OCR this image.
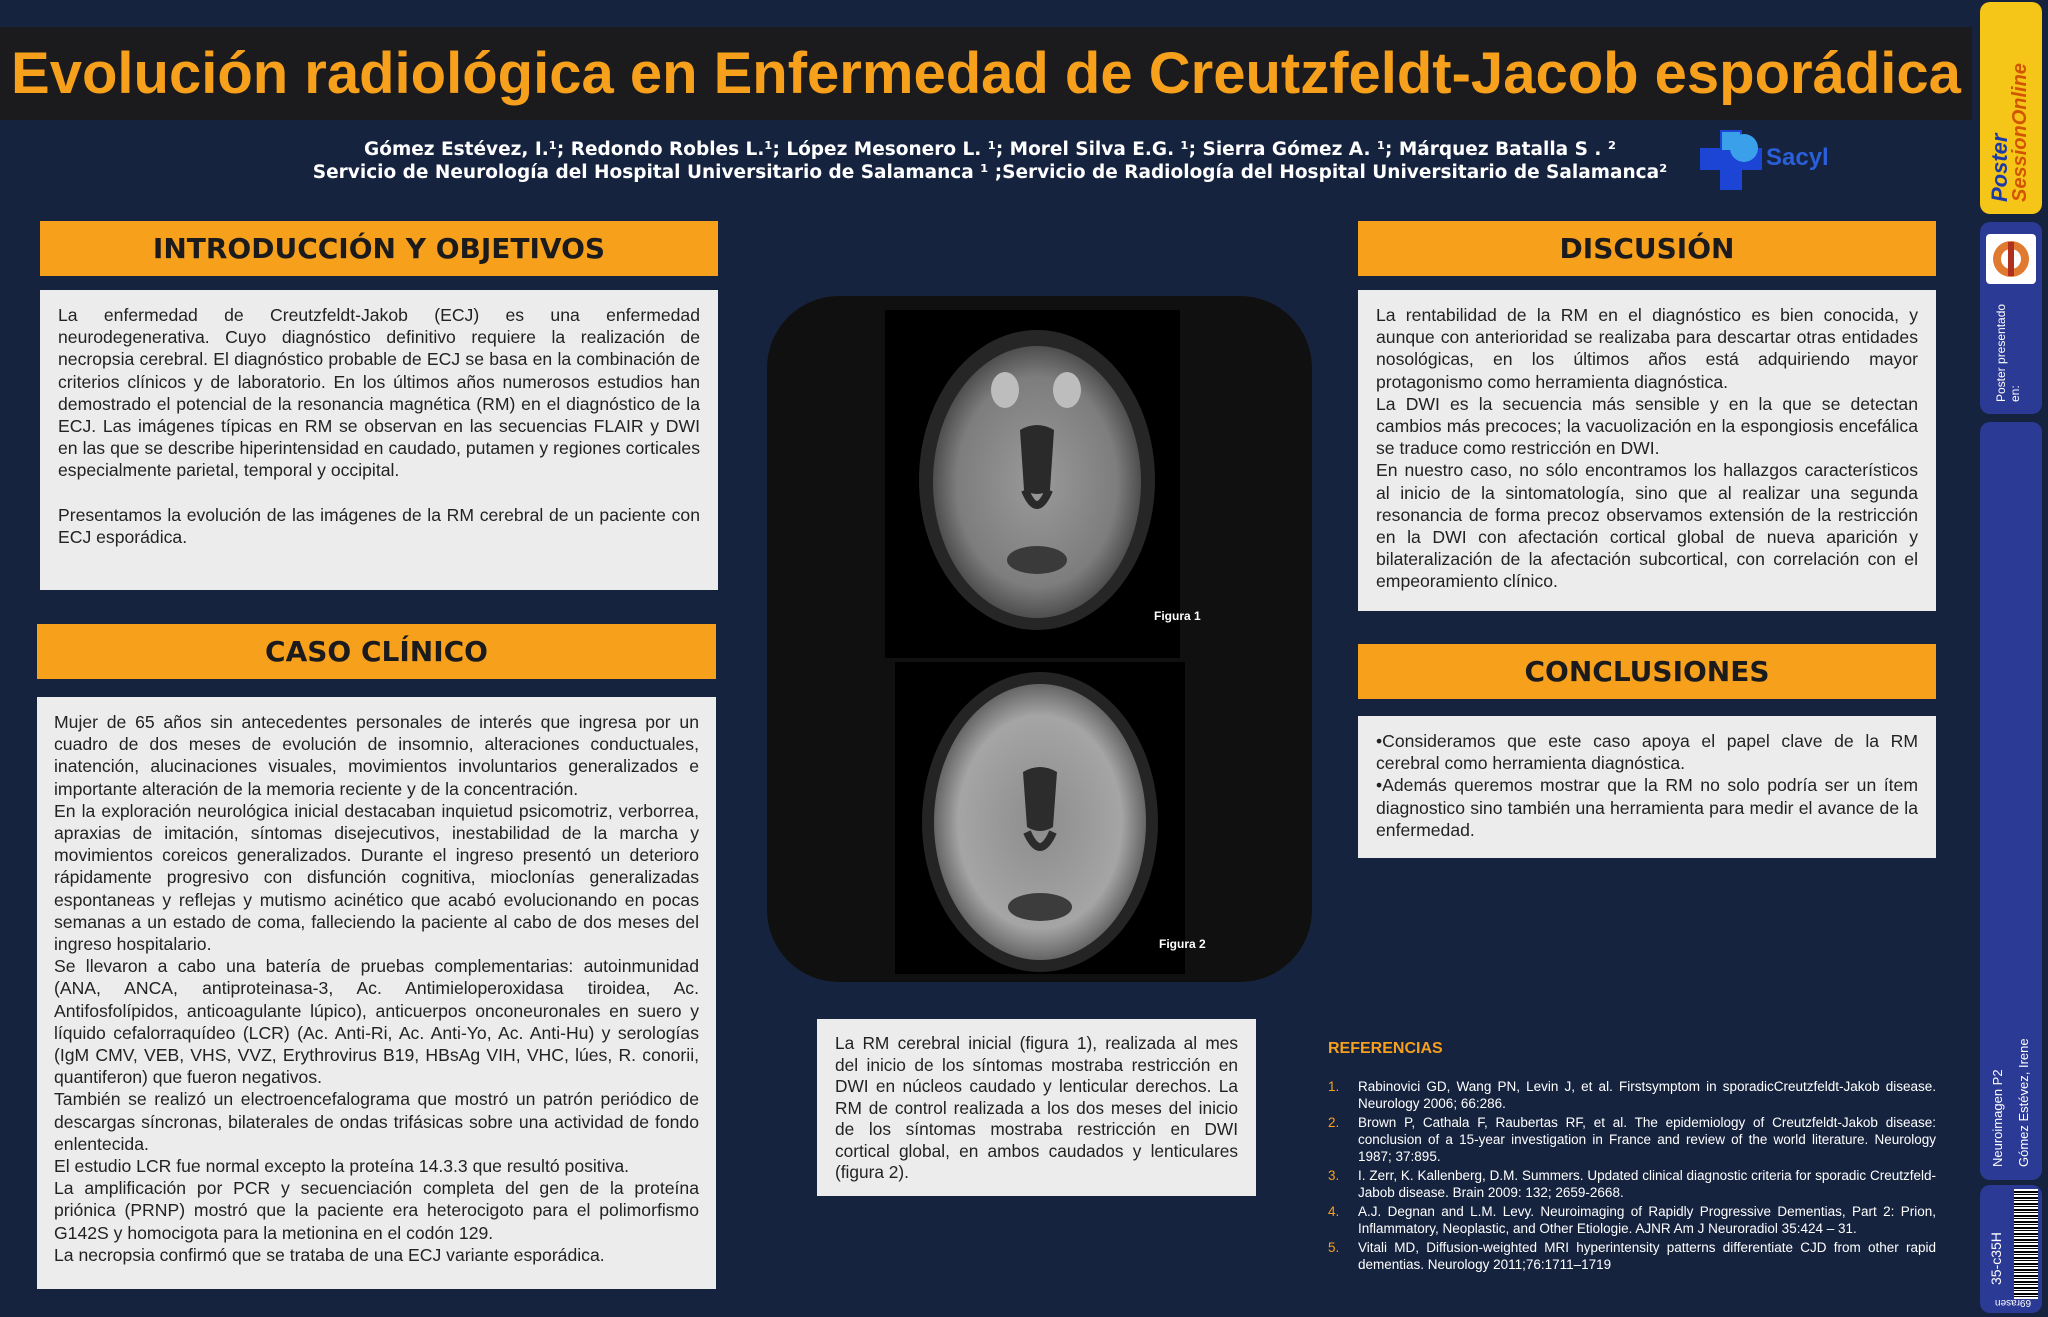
Evolución radiológica en Enfermedad de Creutzfeldt-Jacob esporádica
Gómez Estévez, I.¹; Redondo Robles L.¹; López Mesonero L. ¹; Morel Silva E.G. ¹; Sierra Gómez A. ¹; Márquez Batalla S . ²
Servicio de Neurología del Hospital Universitario de Salamanca ¹ ;Servicio de Radiología del Hospital Universitario de Salamanca²
Sacyl
INTRODUCCIÓN Y OBJETIVOS

La enfermedad de Creutzfeldt-Jakob (ECJ) es una enfermedad neurodegenerativa. Cuyo diagnóstico definitivo requiere la realización de necropsia cerebral. El diagnóstico probable de ECJ se basa en la combinación de criterios clínicos y de laboratorio. En los últimos años numerosos estudios han demostrado el potencial de la resonancia magnética (RM) en el diagnóstico de la ECJ. Las imágenes típicas en RM se observan en las secuencias FLAIR y DWI en las que se describe hiperintensidad en caudado, putamen y regiones corticales especialmente parietal, temporal y occipital.

Presentamos la evolución de las imágenes de la RM cerebral de un paciente con ECJ esporádica.

CASO CLÍNICO

Mujer de 65 años sin antecedentes personales de interés que ingresa por un cuadro de dos meses de evolución de insomnio, alteraciones conductuales, inatención, alucinaciones visuales, movimientos involuntarios generalizados e importante alteración de la memoria reciente y de la concentración.

En la exploración neurológica inicial destacaban inquietud psicomotriz, verborrea, apraxias de imitación, síntomas disejecutivos, inestabilidad de la marcha y movimientos coreicos generalizados. Durante el ingreso presentó un deterioro rápidamente progresivo con disfunción cognitiva, mioclonías generalizadas espontaneas y reflejas y mutismo acinético que acabó evolucionando en pocas semanas a un estado de coma, falleciendo la paciente al cabo de dos meses del ingreso hospitalario.

Se llevaron a cabo una batería de pruebas complementarias: autoinmunidad (ANA, ANCA, antiproteinasa-3, Ac. Antimieloperoxidasa tiroidea, Ac. Antifosfolípidos, anticoagulante lúpico), anticuerpos onconeuronales en suero y líquido cefalorraquídeo (LCR) (Ac. Anti-Ri, Ac. Anti-Yo, Ac. Anti-Hu) y serologías (IgM CMV, VEB, VHS, VVZ, Erythrovirus B19, HBsAg VIH, VHC, lúes, R. conorii, quantiferon) que fueron negativos.

También se realizó un electroencefalograma que mostró un patrón periódico de descargas síncronas, bilaterales de ondas trifásicas sobre una actividad de fondo enlentecida.

El estudio LCR fue normal excepto la proteína 14.3.3 que resultó positiva.

La amplificación por PCR y secuenciación completa del gen de la proteína priónica (PRNP) mostró que la paciente era heterocigoto para el polimorfismo G142S y homocigota para la metionina en el codón 129.

La necropsia confirmó que se trataba de una ECJ variante esporádica.

Figura 1
Figura 2

La RM cerebral inicial (figura 1), realizada al mes del inicio de los síntomas mostraba restricción en DWI en núcleos caudado y lenticular derechos. La RM de control realizada a los dos meses del inicio de los síntomas mostraba restricción en DWI cortical global, en ambos caudados y lenticulares (figura 2).

DISCUSIÓN

La rentabilidad de la RM en el diagnóstico es bien conocida, y aunque con anterioridad se realizaba para descartar otras entidades nosológicas, en los últimos años está adquiriendo mayor protagonismo como herramienta diagnóstica.

La DWI es la secuencia más sensible y en la que se detectan cambios más precoces; la vacuolización en la espongiosis encefálica se traduce como restricción en DWI.

En nuestro caso, no sólo encontramos los hallazgos característicos al inicio de la sintomatología, sino que al realizar una segunda resonancia de forma precoz observamos extensión de la restricción en la DWI con afectación cortical global de nueva aparición y bilateralización de la afectación subcortical, con correlación con el empeoramiento clínico.

CONCLUSIONES

•Consideramos que este caso apoya el papel clave de la RM cerebral como herramienta diagnóstica.

•Además queremos mostrar que la RM no solo podría ser un ítem diagnostico sino también una herramienta para medir el avance de la enfermedad.

REFERENCIAS
1.	Rabinovici GD, Wang PN, Levin J, et al. Firstsymptom in sporadicCreutzfeldt-Jakob disease. Neurology 2006; 66:286.
2.	Brown P, Cathala F, Raubertas RF, et al. The epidemiology of Creutzfeldt-Jakob disease: conclusion of a 15-year investigation in France and review of the world literature. Neurology 1987; 37:895.
3.	I. Zerr, K. Kallenberg, D.M. Summers. Updated clinical diagnostic criteria for sporadic Creutzfeld-Jabob disease. Brain 2009: 132; 2659-2668.
4.	A.J. Degnan and L.M. Levy. Neuroimaging of Rapidly Progressive Dementias, Part 2: Prion, Inflammatory, Neoplastic, and Other Etiologie. AJNR Am J Neuroradiol 35:424 – 31.
5.	Vitali MD, Diffusion-weighted MRI hyperintensity patterns differentiate CJD from other rapid dementias. Neurology 2011;76:1711–1719
Poster
SessionOnline
Poster presentado en:
Neuroimagen P2 Gómez Estévez, Irene
35-c35H
69rasen
